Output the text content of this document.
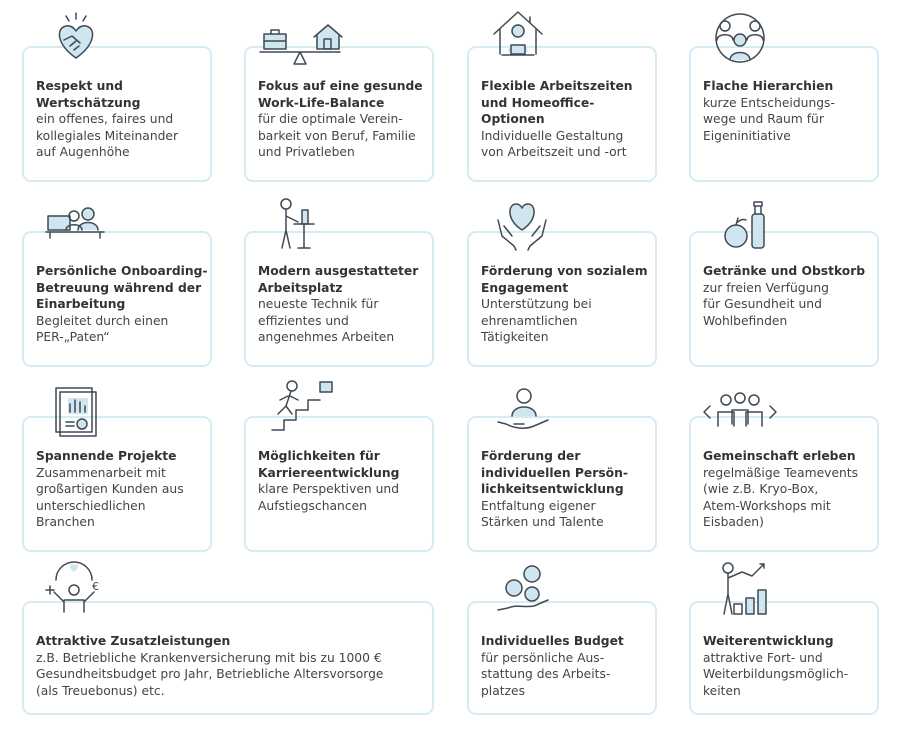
Respekt und
Wertschätzung
ein offenes, faires und
kollegiales Miteinander
auf Augenhöhe
Fokus auf eine gesunde
Work-Life-Balance
für die optimale Verein-
barkeit von Beruf, Familie
und Privatleben
Flexible Arbeitszeiten
und Homeoffice-
Optionen
Individuelle Gestaltung
von Arbeitszeit und -ort
Flache Hierarchien
kurze Entscheidungs-
wege und Raum für
Eigeninitiative
Persönliche Onboarding-
Betreuung während der
Einarbeitung
Begleitet durch einen
PER-„Paten“
Modern ausgestatteter
Arbeitsplatz
neueste Technik für
effizientes und
angenehmes Arbeiten
Förderung von sozialem
Engagement
Unterstützung bei
ehrenamtlichen
Tätigkeiten
Getränke und Obstkorb
zur freien Verfügung
für Gesundheit und
Wohlbefinden
Spannende Projekte
Zusammenarbeit mit
großartigen Kunden aus
unterschiedlichen
Branchen
Möglichkeiten für
Karriereentwicklung
klare Perspektiven und
Aufstiegschancen
Förderung der
individuellen Persön-
lichkeitsentwicklung
Entfaltung eigener
Stärken und Talente
Gemeinschaft erleben
regelmäßige Teamevents
(wie z.B. Kryo-Box,
Atem-Workshops mit
Eisbaden)
Attraktive Zusatzleistungen
z.B. Betriebliche Krankenversicherung mit bis zu 1000 €
Gesundheitsbudget pro Jahr, Betriebliche Altersvorsorge
(als Treuebonus) etc.
Individuelles Budget
für persönliche Aus-
stattung des Arbeits-
platzes
Weiterentwicklung
attraktive Fort- und
Weiterbildungsmöglich-
keiten
€
